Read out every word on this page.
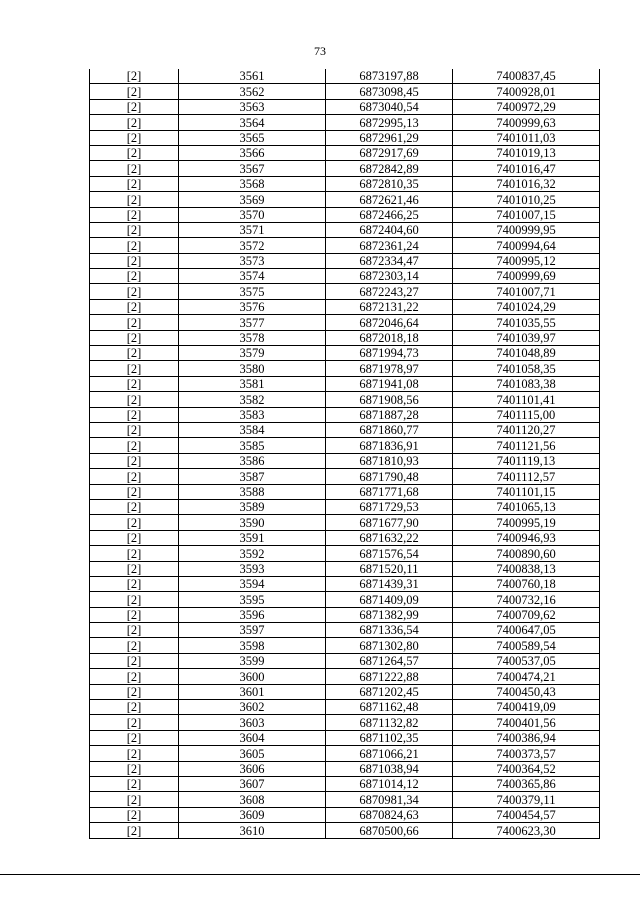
73
[2]	3561	6873197,88	7400837,45
[2]	3562	6873098,45	7400928,01
[2]	3563	6873040,54	7400972,29
[2]	3564	6872995,13	7400999,63
[2]	3565	6872961,29	7401011,03
[2]	3566	6872917,69	7401019,13
[2]	3567	6872842,89	7401016,47
[2]	3568	6872810,35	7401016,32
[2]	3569	6872621,46	7401010,25
[2]	3570	6872466,25	7401007,15
[2]	3571	6872404,60	7400999,95
[2]	3572	6872361,24	7400994,64
[2]	3573	6872334,47	7400995,12
[2]	3574	6872303,14	7400999,69
[2]	3575	6872243,27	7401007,71
[2]	3576	6872131,22	7401024,29
[2]	3577	6872046,64	7401035,55
[2]	3578	6872018,18	7401039,97
[2]	3579	6871994,73	7401048,89
[2]	3580	6871978,97	7401058,35
[2]	3581	6871941,08	7401083,38
[2]	3582	6871908,56	7401101,41
[2]	3583	6871887,28	7401115,00
[2]	3584	6871860,77	7401120,27
[2]	3585	6871836,91	7401121,56
[2]	3586	6871810,93	7401119,13
[2]	3587	6871790,48	7401112,57
[2]	3588	6871771,68	7401101,15
[2]	3589	6871729,53	7401065,13
[2]	3590	6871677,90	7400995,19
[2]	3591	6871632,22	7400946,93
[2]	3592	6871576,54	7400890,60
[2]	3593	6871520,11	7400838,13
[2]	3594	6871439,31	7400760,18
[2]	3595	6871409,09	7400732,16
[2]	3596	6871382,99	7400709,62
[2]	3597	6871336,54	7400647,05
[2]	3598	6871302,80	7400589,54
[2]	3599	6871264,57	7400537,05
[2]	3600	6871222,88	7400474,21
[2]	3601	6871202,45	7400450,43
[2]	3602	6871162,48	7400419,09
[2]	3603	6871132,82	7400401,56
[2]	3604	6871102,35	7400386,94
[2]	3605	6871066,21	7400373,57
[2]	3606	6871038,94	7400364,52
[2]	3607	6871014,12	7400365,86
[2]	3608	6870981,34	7400379,11
[2]	3609	6870824,63	7400454,57
[2]	3610	6870500,66	7400623,30
